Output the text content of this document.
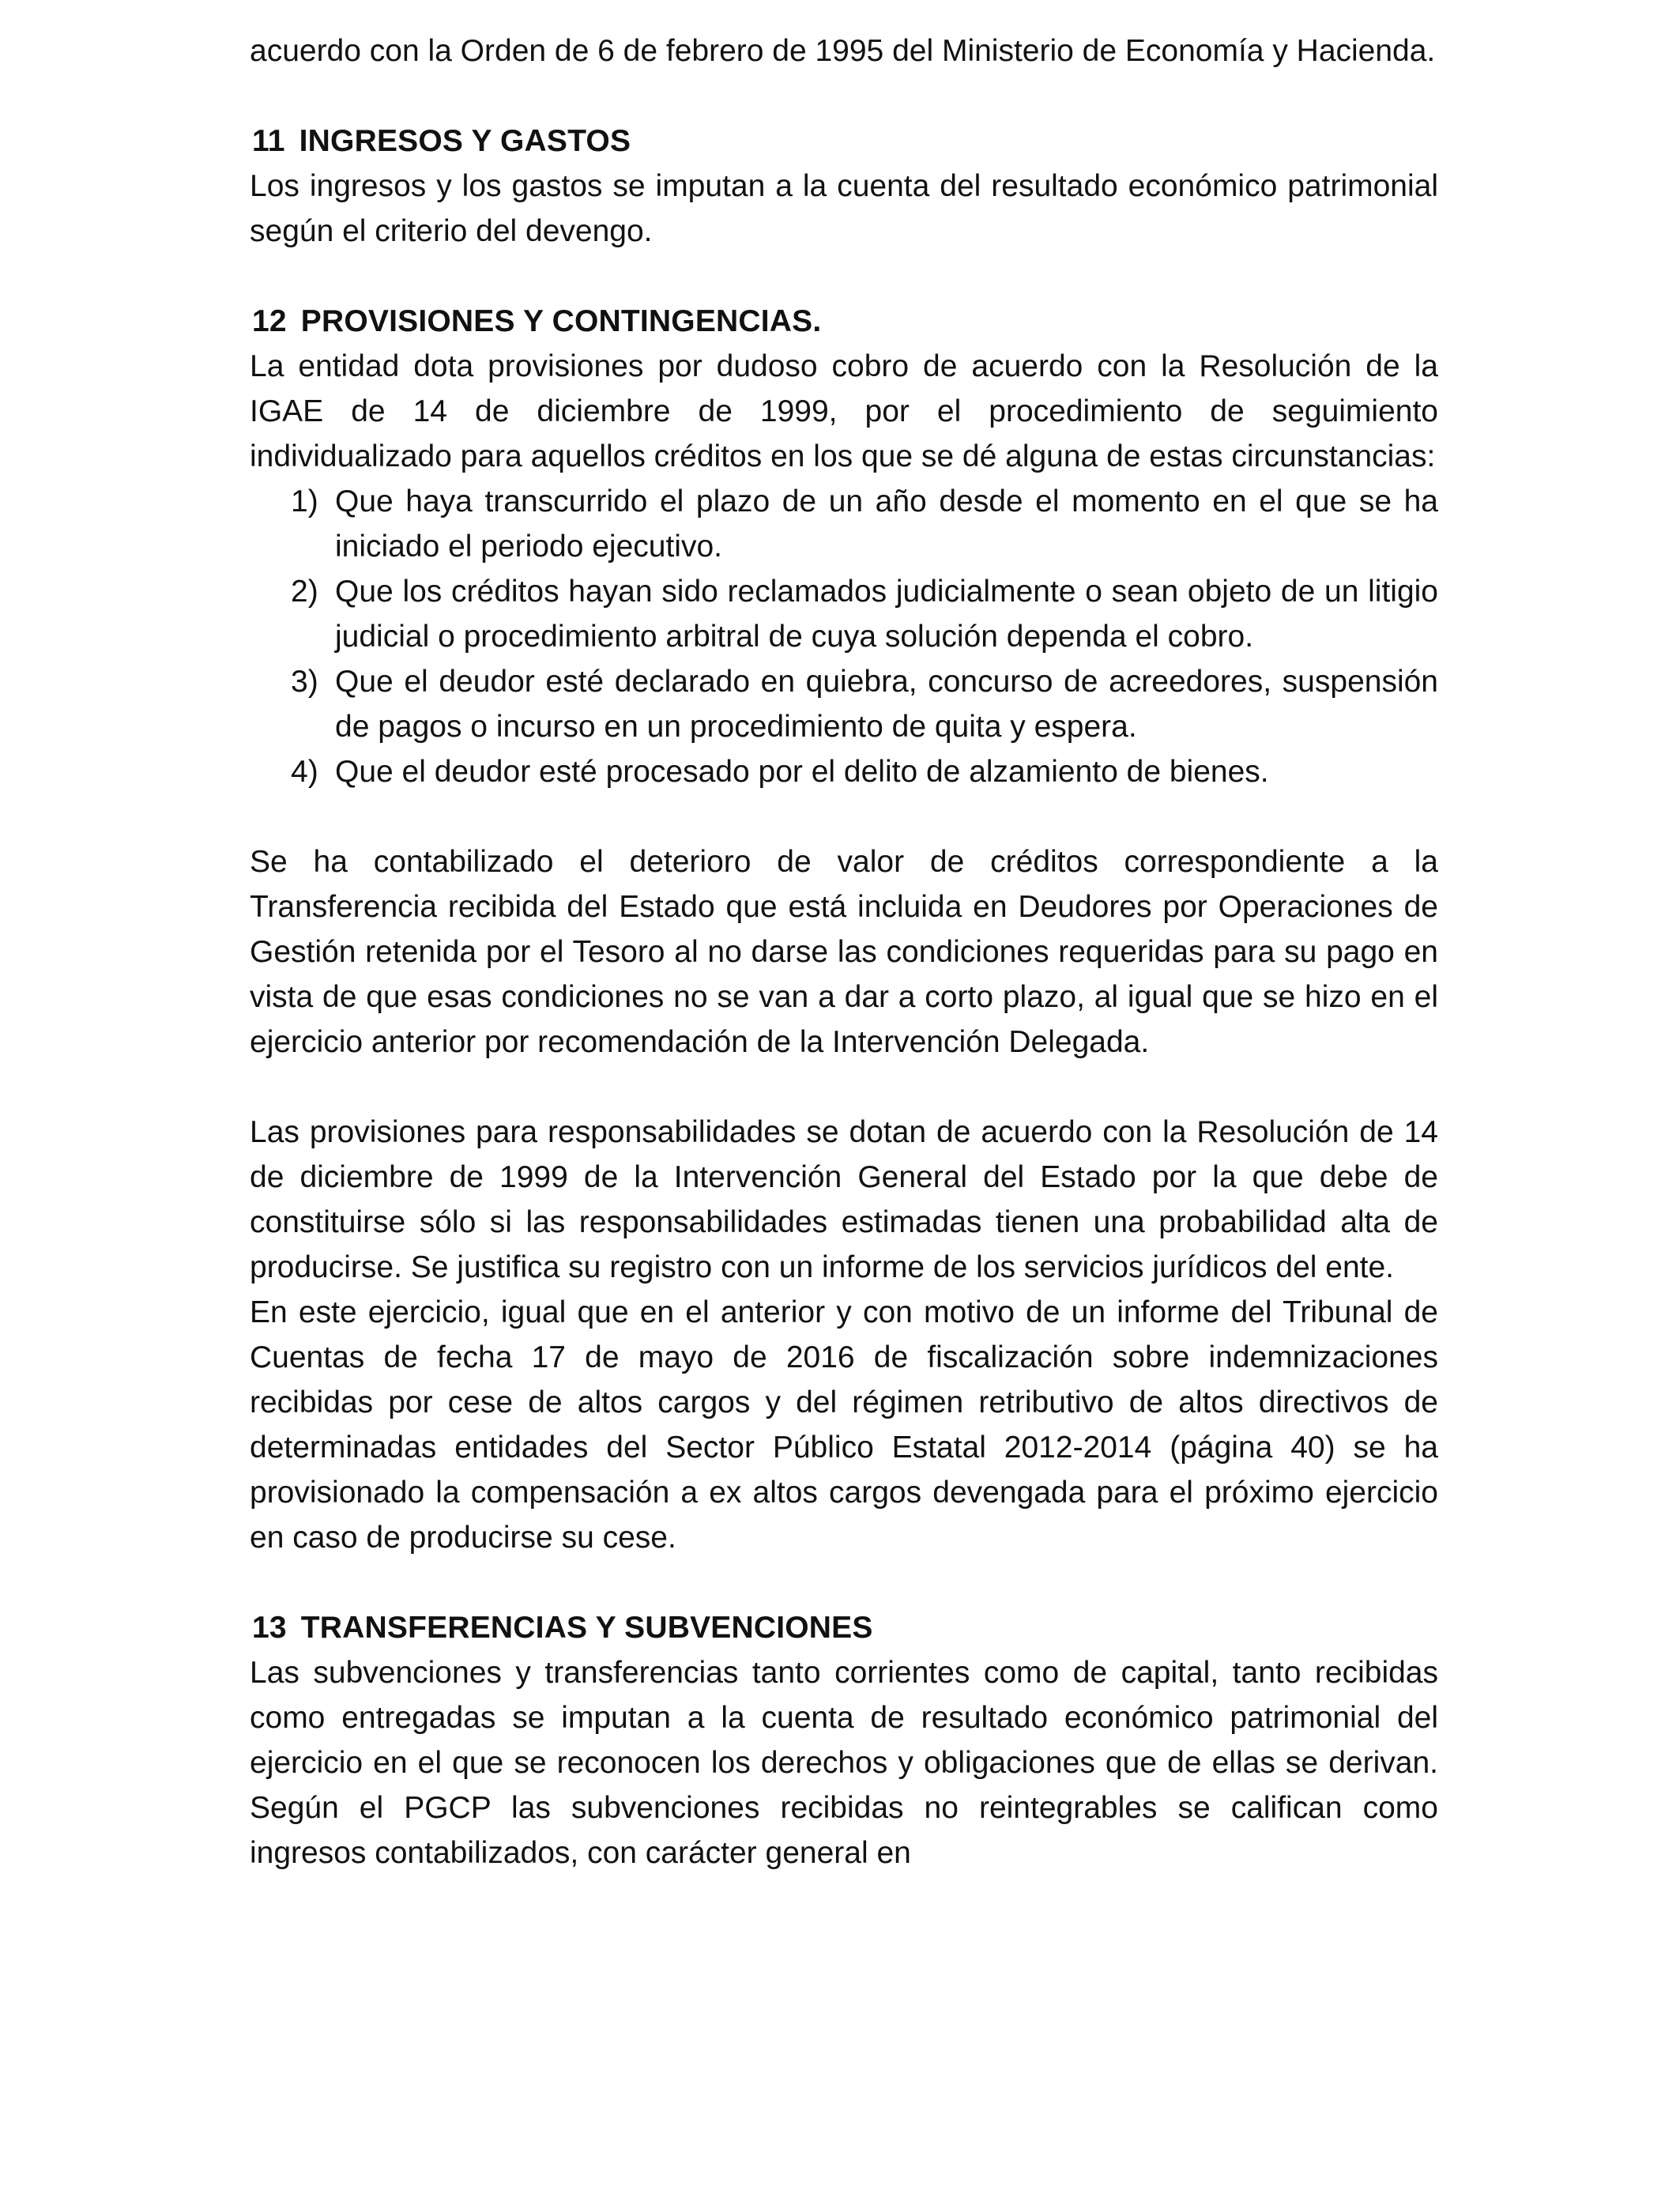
acuerdo con la Orden de 6 de febrero de 1995 del Ministerio de Economía y Hacienda.

11 INGRESOS Y GASTOS

Los ingresos y los gastos se imputan a la cuenta del resultado económico patrimonial según el criterio del devengo.

12 PROVISIONES Y CONTINGENCIAS.

La entidad dota provisiones por dudoso cobro de acuerdo con la Resolución de la IGAE de 14 de diciembre de 1999, por el procedimiento de seguimiento individualizado para aquellos créditos en los que se dé alguna de estas circunstancias:

1) Que haya transcurrido el plazo de un año desde el momento en el que se ha iniciado el periodo ejecutivo.
2) Que los créditos hayan sido reclamados judicialmente o sean objeto de un litigio judicial o procedimiento arbitral de cuya solución dependa el cobro.
3) Que el deudor esté declarado en quiebra, concurso de acreedores, suspensión de pagos o incurso en un procedimiento de quita y espera.
4) Que el deudor esté procesado por el delito de alzamiento de bienes.

Se ha contabilizado el deterioro de valor de créditos correspondiente a la Transferencia recibida del Estado que está incluida en Deudores por Operaciones de Gestión retenida por el Tesoro al no darse las condiciones requeridas para su pago en vista de que esas condiciones no se van a dar a corto plazo, al igual que se hizo en el ejercicio anterior por recomendación de la Intervención Delegada.

Las provisiones para responsabilidades se dotan de acuerdo con la Resolución de 14 de diciembre de 1999 de la Intervención General del Estado por la que debe de constituirse sólo si las responsabilidades estimadas tienen una probabilidad alta de producirse. Se justifica su registro con un informe de los servicios jurídicos del ente.

En este ejercicio, igual que en el anterior y con motivo de un informe del Tribunal de Cuentas de fecha 17 de mayo de 2016 de fiscalización sobre indemnizaciones recibidas por cese de altos cargos y del régimen retributivo de altos directivos de determinadas entidades del Sector Público Estatal 2012-2014 (página 40) se ha provisionado la compensación a ex altos cargos devengada para el próximo ejercicio en caso de producirse su cese.

13 TRANSFERENCIAS Y SUBVENCIONES

Las subvenciones y transferencias tanto corrientes como de capital, tanto recibidas como entregadas se imputan a la cuenta de resultado económico patrimonial del ejercicio en el que se reconocen los derechos y obligaciones que de ellas se derivan. Según el PGCP las subvenciones recibidas no reintegrables se califican como ingresos contabilizados, con carácter general en
